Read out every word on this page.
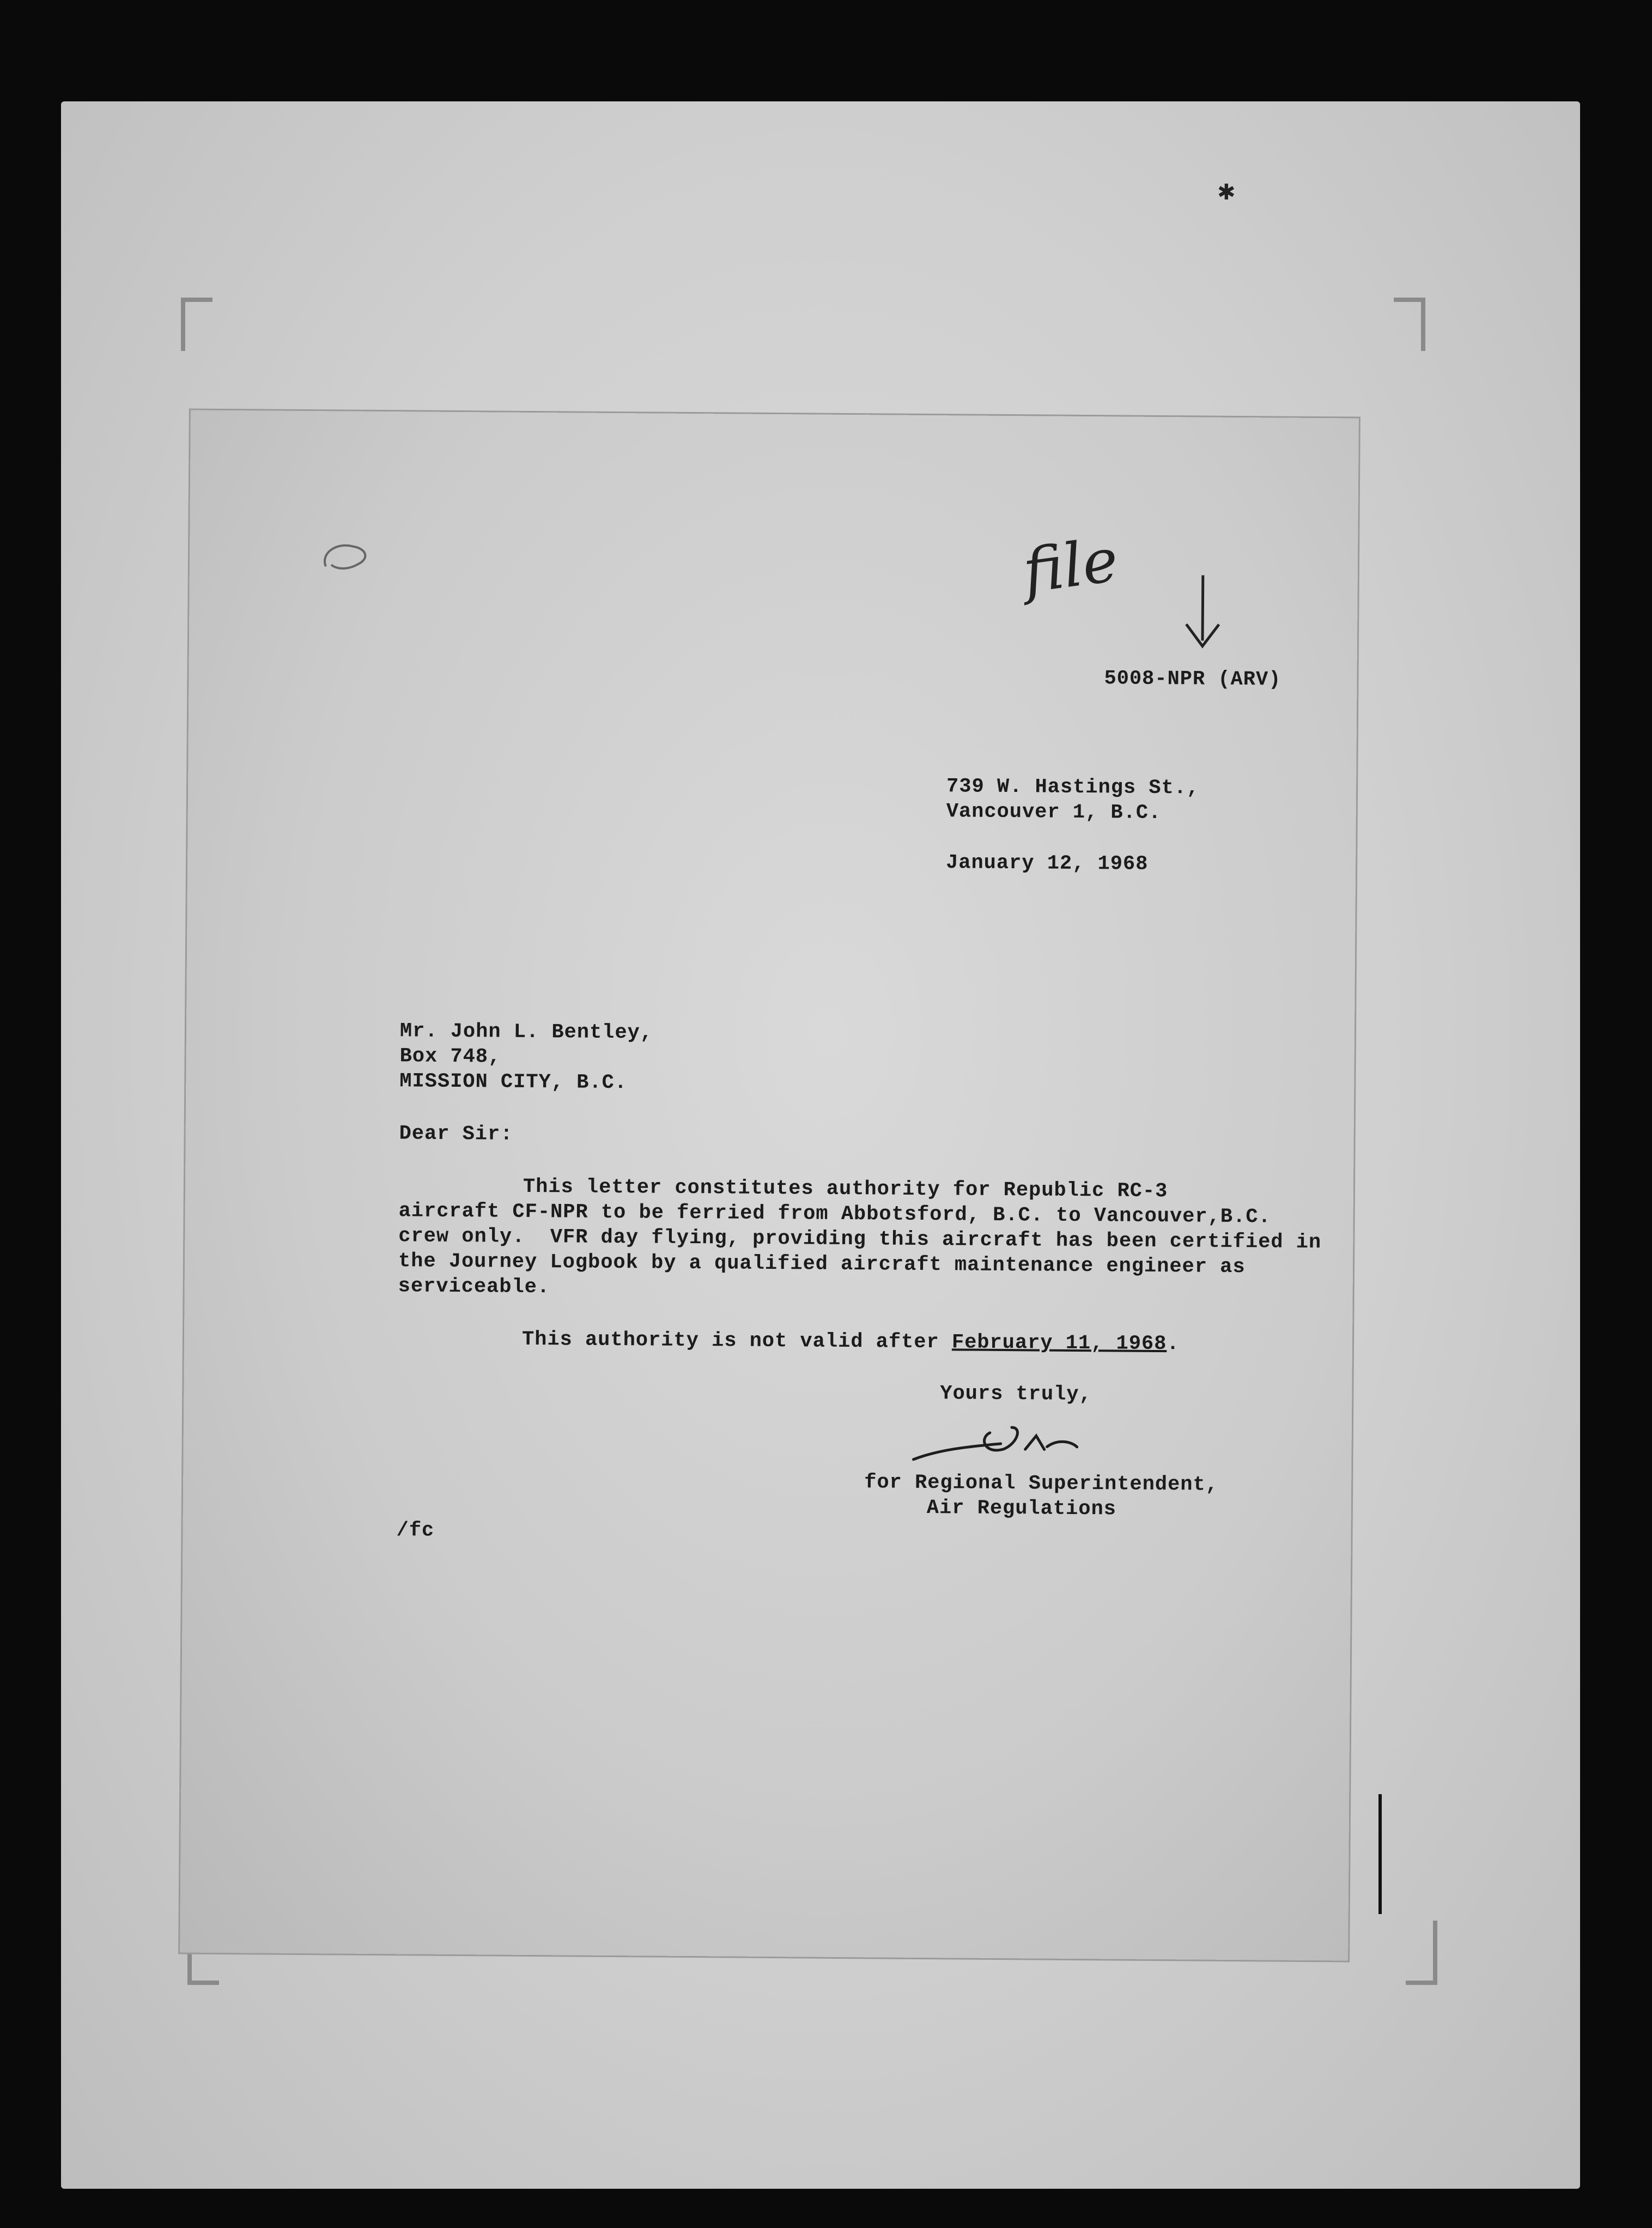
✱
file
5008-NPR (ARV)
739 W. Hastings St.,
Vancouver 1, B.C.
January 12, 1968
Mr. John L. Bentley,
Box 748,
MISSION CITY, B.C.
Dear Sir:
This letter constitutes authority for Republic RC-3
aircraft CF-NPR to be ferried from Abbotsford, B.C. to Vancouver,B.C.
crew only.  VFR day flying, providing this aircraft has been certified in
the Journey Logbook by a qualified aircraft maintenance engineer as
serviceable.
This authority is not valid after February 11, 1968.
Yours truly,
for Regional Superintendent,
Air Regulations
/fc
